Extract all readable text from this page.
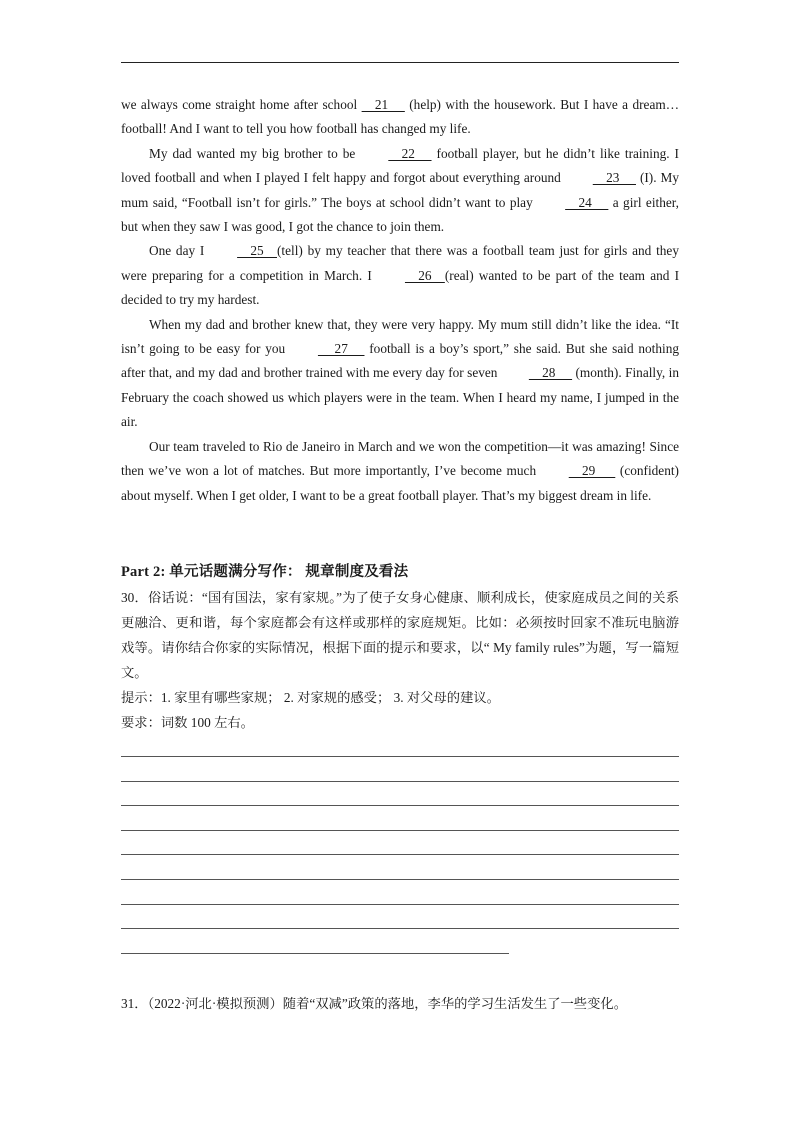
we always come straight home after school     21      (help) with the housework. But I have a dream…football! And I want to tell you how football has changed my life.

My dad wanted my big brother to be     22      football player, but he didn’t like training. I loved football and when I played I felt happy and forgot about everything around     23      (I). My mum said, “Football isn’t for girls.” The boys at school didn’t want to play     24      a girl either, but when they saw I was good, I got the chance to join them.

One day I     25    (tell) by my teacher that there was a football team just for girls and they were preparing for a competition in March. I     26    (real) wanted to be part of the team and I decided to try my hardest.

When my dad and brother knew that, they were very happy. My mum still didn’t like the idea. “It isn’t going to be easy for you      27      football is a boy’s sport,” she said. But she said nothing after that, and my dad and brother trained with me every day for seven     28      (month). Finally, in February the coach showed us which players were in the team. When I heard my name, I jumped in the air.

Our team traveled to Rio de Janeiro in March and we won the competition—it was amazing! Since then we’ve won a lot of matches. But more importantly, I’ve become much     29       (confident) about myself. When I get older, I want to be a great football player. That’s my biggest dream in life.

Part 2: 单元话题满分写作： 规章制度及看法

30．俗话说：“国有国法，家有家规。”为了使子女身心健康、顺利成长，使家庭成员之间的关系更融洽、更和谐，每个家庭都会有这样或那样的家庭规矩。比如：必须按时回家不准玩电脑游戏等。请你结合你家的实际情况，根据下面的提示和要求，以“ My family rules”为题，写一篇短文。

提示：1. 家里有哪些家规； 2. 对家规的感受； 3. 对父母的建议。

要求：词数 100 左右。

31．（2022·河北·模拟预测）随着“双减”政策的落地，李华的学习生活发生了一些变化。
